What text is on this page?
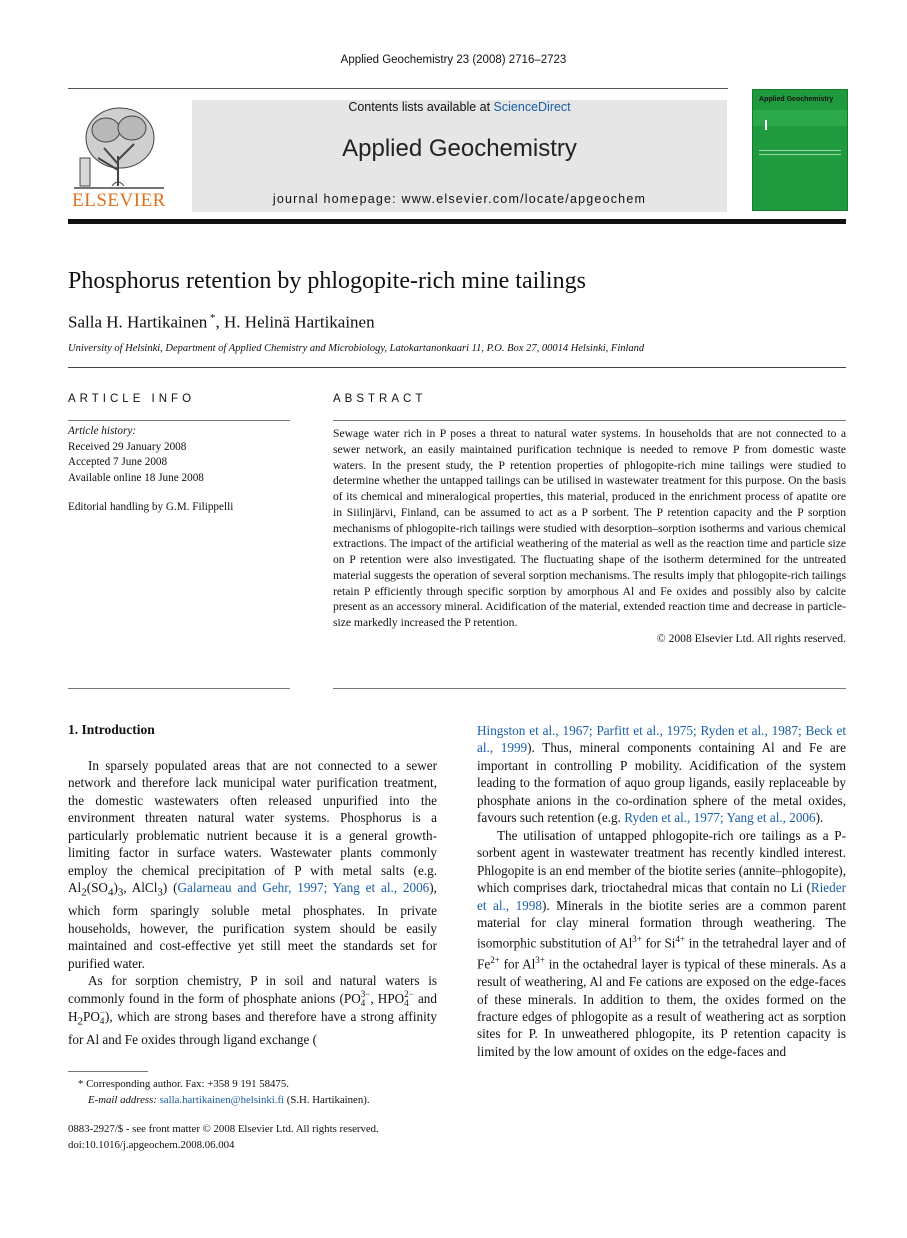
Applied Geochemistry 23 (2008) 2716–2723
ELSEVIER
Contents lists available at ScienceDirect
Applied Geochemistry
journal homepage: www.elsevier.com/locate/apgeochem
Applied Geochemistry
Phosphorus retention by phlogopite-rich mine tailings
Salla H. Hartikainen *, H. Helinä Hartikainen
University of Helsinki, Department of Applied Chemistry and Microbiology, Latokartanonkaari 11, P.O. Box 27, 00014 Helsinki, Finland
ARTICLE INFO
Article history:
Received 29 January 2008
Accepted 7 June 2008
Available online 18 June 2008
Editorial handling by G.M. Filippelli
ABSTRACT
Sewage water rich in P poses a threat to natural water systems. In households that are not connected to a sewer network, an easily maintained purification technique is needed to remove P from domestic waste waters. In the present study, the P retention properties of phlogopite-rich mine tailings were studied to determine whether the untapped tailings can be utilised in wastewater treatment for this purpose. On the basis of its chemical and mineralogical properties, this material, produced in the enrichment process of apatite ore in Siilinjärvi, Finland, can be assumed to act as a P sorbent. The P retention capacity and the P sorption mechanisms of phlogopite-rich tailings were studied with desorption–sorption isotherms and various chemical extractions. The impact of the artificial weathering of the material as well as the reaction time and particle size on P retention were also investigated. The fluctuating shape of the isotherm determined for the untreated material suggests the operation of several sorption mechanisms. The results imply that phlogopite-rich tailings retain P efficiently through specific sorption by amorphous Al and Fe oxides and possibly also by calcite present as an accessory mineral. Acidification of the material, extended reaction time and decrease in particle-size markedly increased the P retention.
© 2008 Elsevier Ltd. All rights reserved.
1. Introduction

In sparsely populated areas that are not connected to a sewer network and therefore lack municipal water purification treatment, the domestic wastewaters often released unpurified into the environment threaten natural water systems. Phosphorus is a particularly problematic nutrient because it is a general growth-limiting factor in surface waters. Wastewater plants commonly employ the chemical precipitation of P with metal salts (e.g. $Al_2(SO_4)_3$, AlCl$_3$) (Galarneau and Gehr, 1997; Yang et al., 2006), which form sparingly soluble metal phosphates. In private households, however, the purification system should be easily maintained and cost-effective yet still meet the standards set for purified water.

As for sorption chemistry, P in soil and natural waters is commonly found in the form of phosphate anions (PO 3−
4 , HPO 2−
4 and $H_2PO$ −
4 ), which are strong bases and therefore have a strong affinity for Al and Fe oxides through ligand exchange (

Hingston et al., 1967; Parfitt et al., 1975; Ryden et al., 1987; Beck et al., 1999). Thus, mineral components containing Al and Fe are important in controlling P mobility. Acidification of the system leading to the formation of aquo group ligands, easily replaceable by phosphate anions in the co-ordination sphere of the metal oxides, favours such retention (e.g. Ryden et al., 1977; Yang et al., 2006).

The utilisation of untapped phlogopite-rich ore tailings as a P-sorbent agent in wastewater treatment has recently kindled interest. Phlogopite is an end member of the biotite series (annite–phlogopite), which comprises dark, trioctahedral micas that contain no Li (Rieder et al., 1998). Minerals in the biotite series are a common parent material for clay mineral formation through weathering. The isomorphic substitution of $Al^{3+}$ for $Si^{4+}$ in the tetrahedral layer and of $Fe^{2+}$ for $Al^{3+}$ in the octahedral layer is typical of these minerals. As a result of weathering, Al and Fe cations are exposed on the edge-faces of these minerals. In addition to them, the oxides formed on the fracture edges of phlogopite as a result of weathering act as sorption sites for P. In unweathered phlogopite, its P retention capacity is limited by the low amount of oxides on the edge-faces and

* Corresponding author. Fax: +358 9 191 58475.
E-mail address: salla.hartikainen@helsinki.fi (S.H. Hartikainen).
0883-2927/$ - see front matter © 2008 Elsevier Ltd. All rights reserved.
doi:10.1016/j.apgeochem.2008.06.004
